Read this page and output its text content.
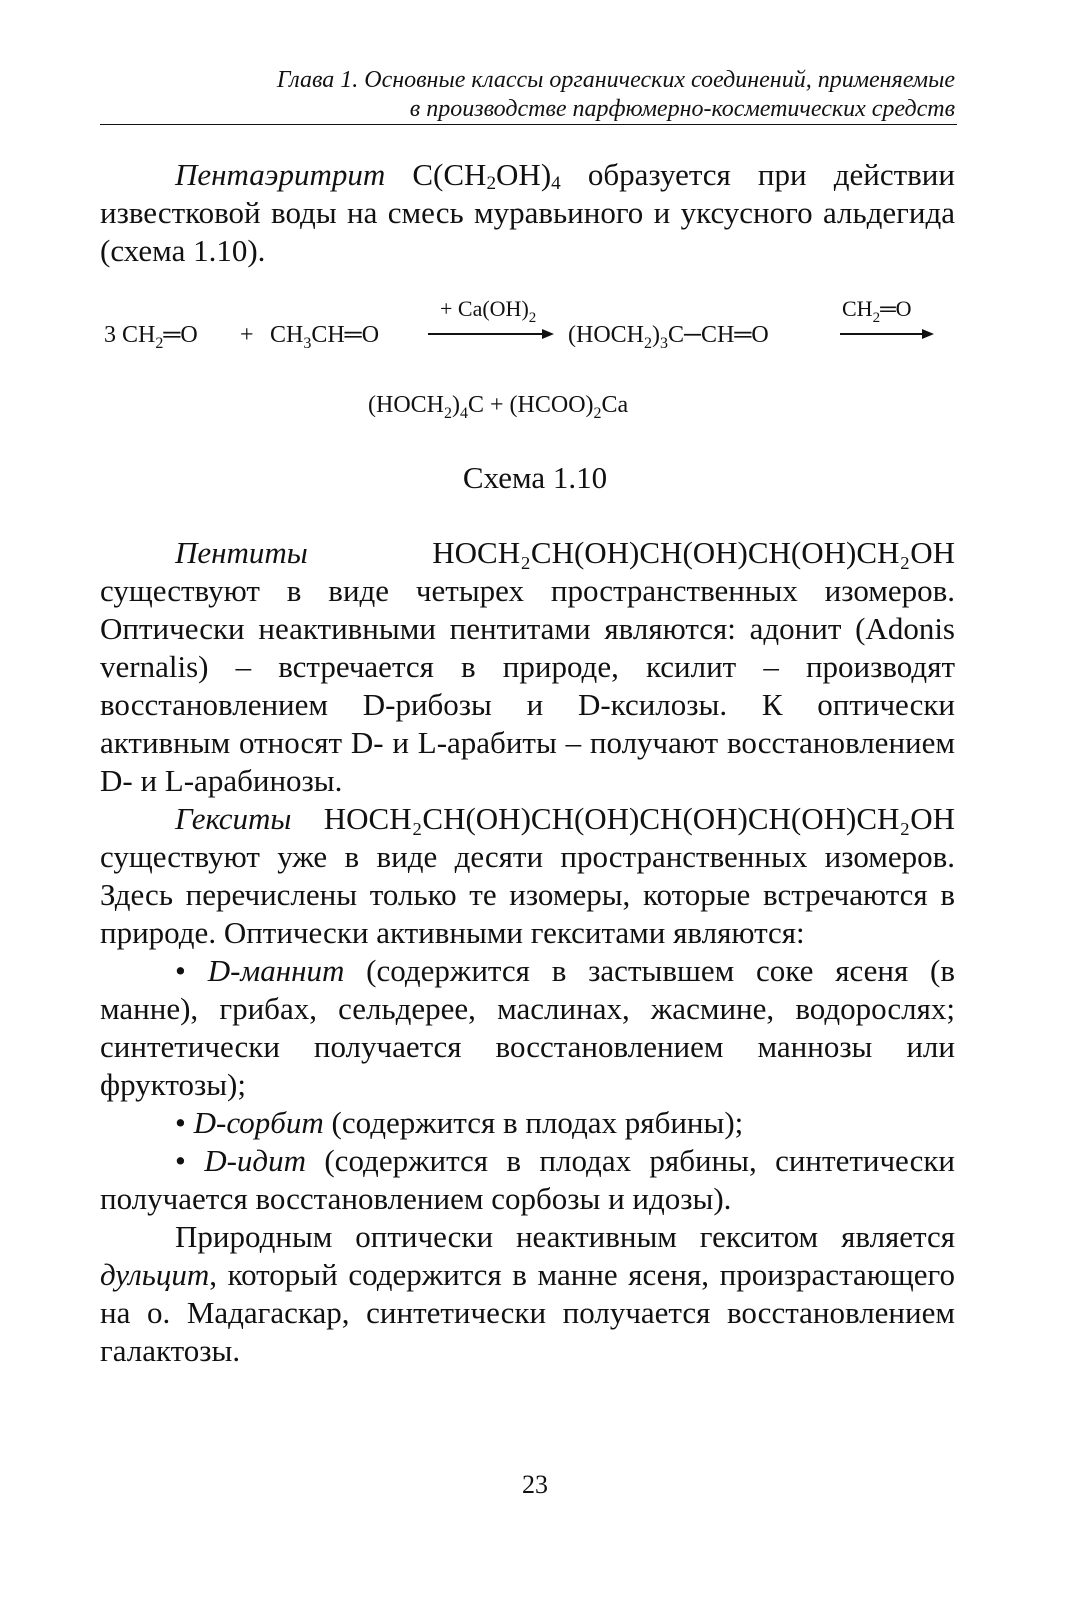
Глава 1. Основные классы органических соединений, применяемые
в производстве парфюмерно-косметических средств

Пентаэритрит $C(CH_2OH)_4$ образуется при действии известковой воды на смесь муравьиного и уксусного альдегида (схема 1.10).

3 $CH_2═O$ + $CH_3CH═O$
+ $Ca(OH)_2$
$(HOCH_2)_3C─CH═O$
$CH_2═O$
$(HOCH_2)_4C$ + $(HCOO)_2Ca$
Схема 1.10

Пентиты	HOCH₂CH(OH)CH(OH)CH(OH)CH₂OH существуют в виде четырех пространственных изомеров. Оптически неактивными пентитами являются: адонит (Adonis vernalis) – встречается в природе, ксилит – производят восстановлением D-рибозы и D-ксилозы. К оптически активным относят D- и L-арабиты – получают восстановлением D- и L-арабинозы.

Гекситы HOCH₂CH(OH)CH(OH)CH(OH)CH(OH)CH₂OH существуют уже в виде десяти пространственных изомеров. Здесь перечислены только те изомеры, которые встречаются в природе. Оптически активными гекситами являются:

• D-маннит (содержится в застывшем соке ясеня (в манне), грибах, сельдерее, маслинах, жасмине, водорослях; синтетически получается восстановлением маннозы или фруктозы);

• D-сорбит (содержится в плодах рябины);

• D-идит (содержится в плодах рябины, синтетически получается восстановлением сорбозы и идозы).

Природным оптически неактивным гекситом является дульцит, который содержится в манне ясеня, произрастающего на о. Мадагаскар, синтетически получается восстановлением галактозы.

23
